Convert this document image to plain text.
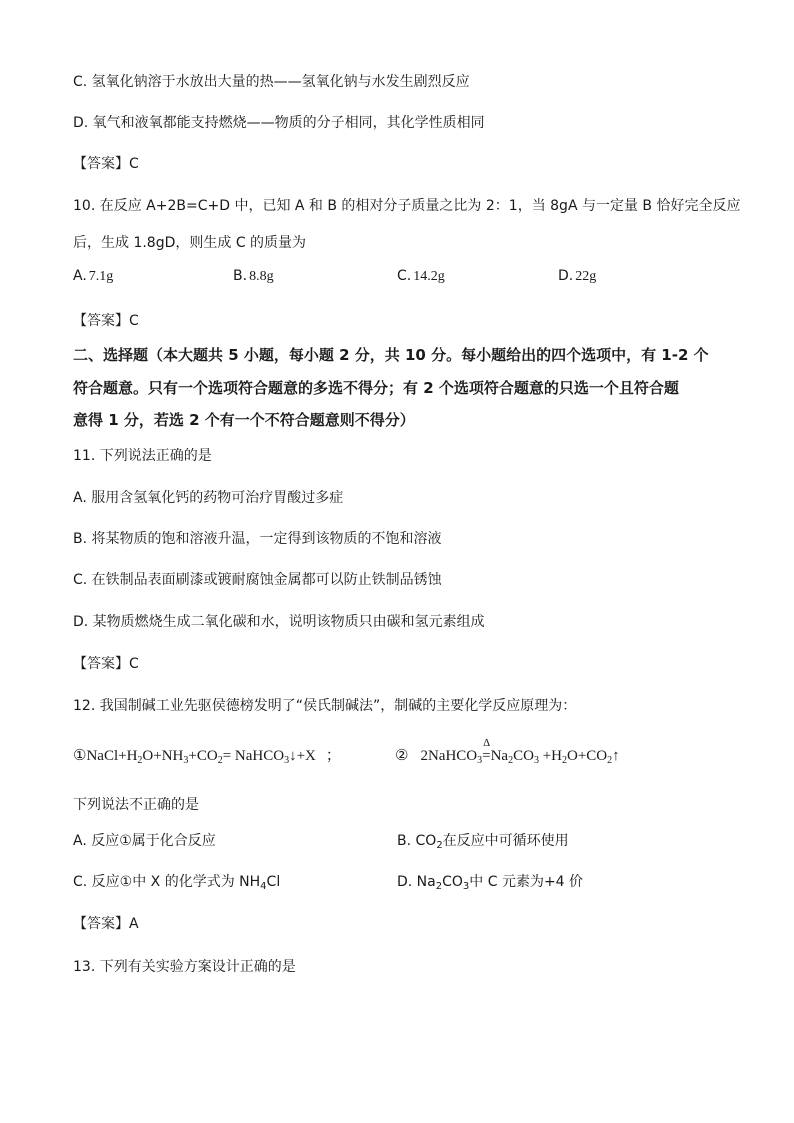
C. 氢氧化钠溶于水放出大量的热——氢氧化钠与水发生剧烈反应
D. 氧气和液氧都能支持燃烧——物质的分子相同，其化学性质相同
【答案】C
10. 在反应 A+2B=C+D 中，已知 A 和 B 的相对分子质量之比为 2：1，当 8gA 与一定量 B 恰好完全反应
后，生成 1.8gD，则生成 C 的质量为
A. 7.1g	B. 8.8g	C. 14.2g	D. 22g
【答案】C
二、选择题（本大题共 5 小题，每小题 2 分，共 10 分。每小题给出的四个选项中，有 1-2 个
符合题意。只有一个选项符合题意的多选不得分；有 2 个选项符合题意的只选一个且符合题
意得 1 分，若选 2 个有一个不符合题意则不得分）
11. 下列说法正确的是
A. 服用含氢氧化钙的药物可治疗胃酸过多症
B. 将某物质的饱和溶液升温，一定得到该物质的不饱和溶液
C. 在铁制品表面刷漆或镀耐腐蚀金属都可以防止铁制品锈蚀
D. 某物质燃烧生成二氧化碳和水，说明该物质只由碳和氢元素组成
【答案】C
12. 我国制碱工业先驱侯德榜发明了“侯氏制碱法”，制碱的主要化学反应原理为：
$①NaCl+H_2O+NH_3+CO_2=$ NaHCO$_3$↓+X ；	② 2NaHCO$_3$
Δ
$=Na_2CO_3$ $+H_2O+CO_2↑$
下列说法不正确的是
A. 反应①属于化合反应	B. $CO_2$在反应中可循环使用
C. 反应①中 X 的化学式为 $NH_4Cl$	D. $Na_2CO_3$中 C 元素为+4 价
【答案】A
13. 下列有关实验方案设计正确的是
